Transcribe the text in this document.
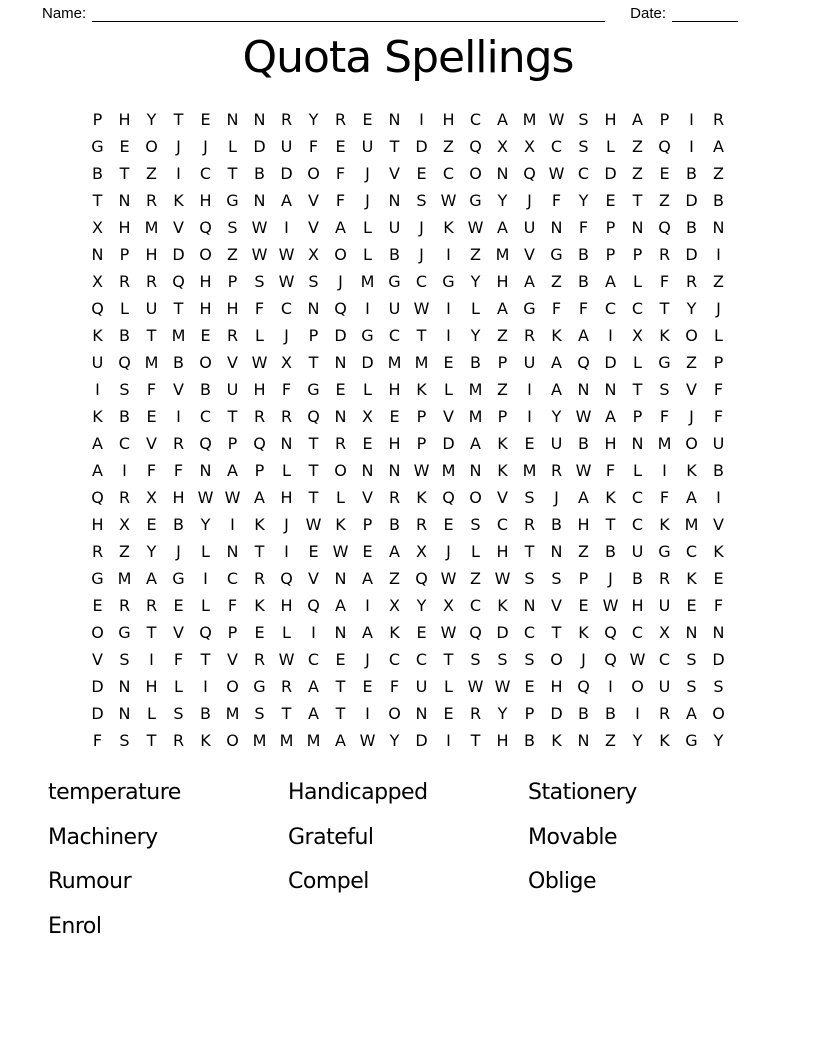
Name:	Date:
Quota Spellings
P	H	Y	T	E N N R	Y	R	E N	I	H C A M W S H A	P	I	R
G E O	J	J	L	D U	F	E	U	T D Z Q X	X C	S	L	Z Q	I	A
B	T	Z	I	C	T	B D O	F	J	V	E	C O N Q W C D Z	E	B	Z
T	N R	K H G N A	V	F	J	N S W G Y	J	F	Y	E	T	Z D B
X H M V Q S W	I	V	A	L	U	J	K W A U N	F	P	N Q B N
N	P	H D O Z W W X O	L	B	J	I	Z M V G B	P	P	R D	I
X R R Q H	P	S W S	J	M G C G Y	H A	Z	B	A	L	F	R Z
Q	L	U	T	H H	F	C N Q	I	U W	I	L	A G	F	F	C C	T	Y	J
K	B	T M E	R	L	J	P	D G C	T	I	Y	Z R	K	A	I	X	K O	L
U Q M B O V W X	T	N D M M E	B	P	U A Q D	L	G Z	P
I	S	F	V	B U H	F	G E	L	H K	L M Z	I	A N N	T	S	V	F
K	B	E	I	C	T	R R Q N X	E	P	V M P	I	Y W A	P	F	J	F
A C V R Q P Q N	T	R	E H	P	D A	K	E	U B H N M O U
A	I	F	F	N A	P	L	T O N N W M N K M R W F	L	I	K	B
Q R X H W W A H	T	L	V R	K Q O V	S	J	A	K	C	F	A	I
H X	E	B	Y	I	K	J	W K	P	B R	E	S	C R B H	T	C	K M V
R Z	Y	J	L	N	T	I	E W E	A	X	J	L	H	T	N Z	B U G C	K
G M A G	I	C R Q V N A	Z Q W Z W S	S	P	J	B R	K	E
E	R R	E	L	F	K H Q A	I	X	Y	X C	K N V	E W H U	E	F
O G T	V Q P	E	L	I	N A	K	E W Q D C	T	K Q C X N N
V	S	I	F	T	V R W C	E	J	C C	T	S	S	S O	J	Q W C	S D
D N H	L	I	O G R A	T	E	F	U	L W W E H Q	I	O U	S	S
D N	L	S	B M S	T	A	T	I	O N E	R	Y	P	D B	B	I	R A O
F	S	T	R	K O M M M A W Y D	I	T	H B	K N Z	Y	K G Y
temperature
Machinery
Rumour
Enrol
Handicapped
Grateful
Compel
Stationery
Movable
Oblige
